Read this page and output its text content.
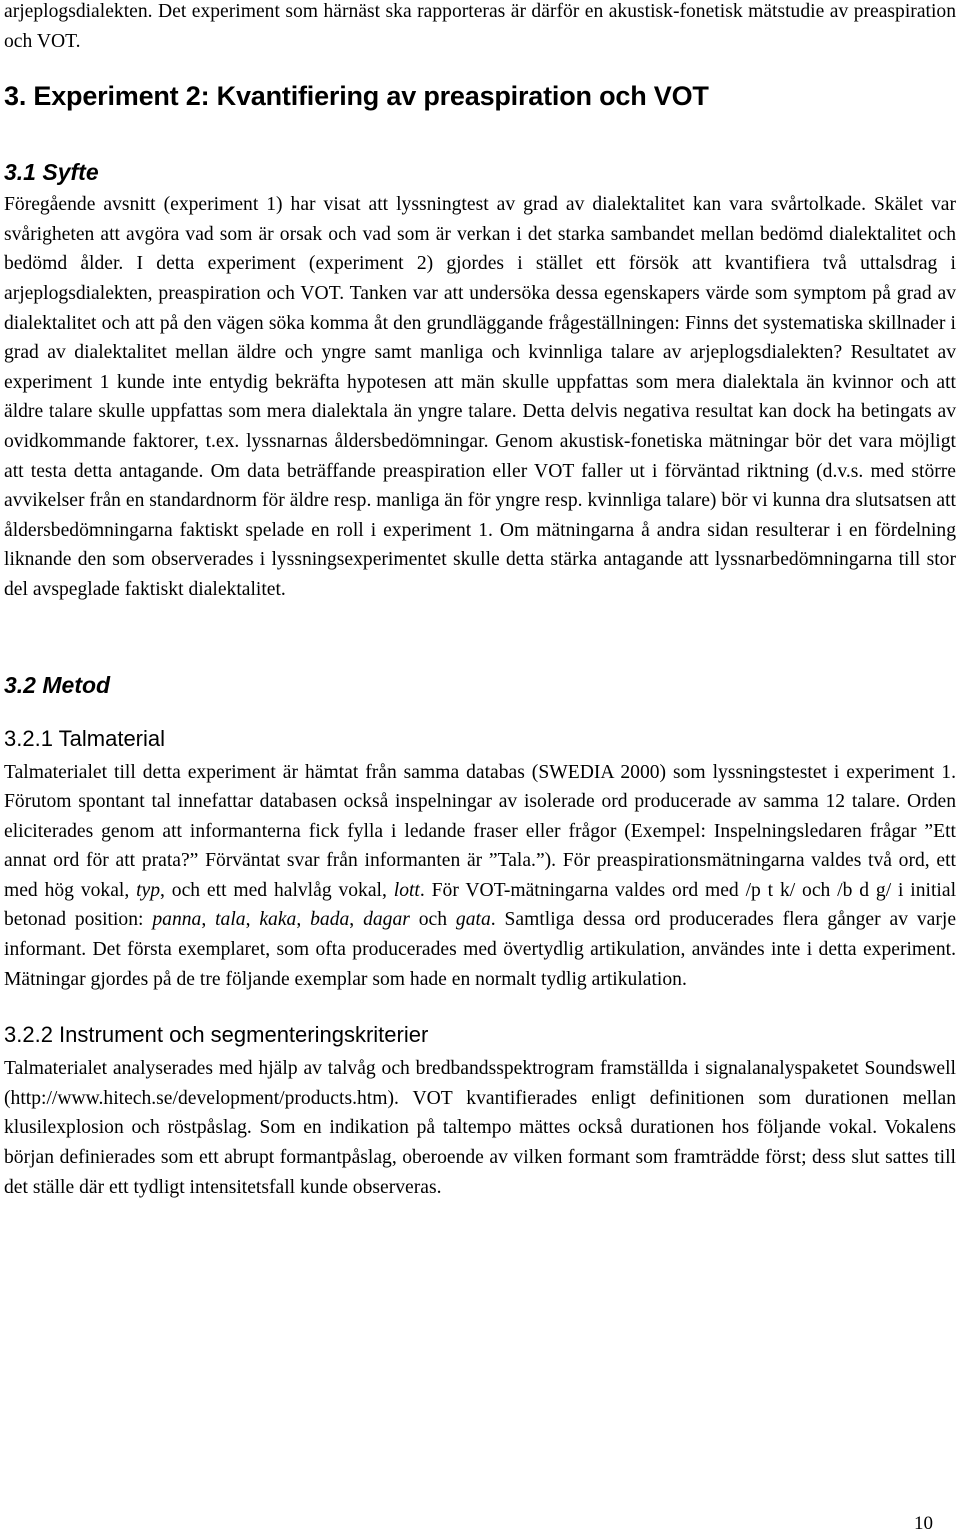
arjeplogsdialekten. Det experiment som härnäst ska rapporteras är därför en akustisk-fonetisk mätstudie av preaspiration och VOT.

3. Experiment 2: Kvantifiering av preaspiration och VOT
3.1 Syfte

Föregående avsnitt (experiment 1) har visat att lyssningtest av grad av dialektalitet kan vara svårtolkade. Skälet var svårigheten att avgöra vad som är orsak och vad som är verkan i det starka sambandet mellan bedömd dialektalitet och bedömd ålder. I detta experiment (experiment 2) gjordes i stället ett försök att kvantifiera två uttalsdrag i arjeplogsdialekten, preaspiration och VOT. Tanken var att undersöka dessa egenskapers värde som symptom på grad av dialektalitet och att på den vägen söka komma åt den grundläggande frågeställningen: Finns det systematiska skillnader i grad av dialektalitet mellan äldre och yngre samt manliga och kvinnliga talare av arjeplogsdialekten? Resultatet av experiment 1 kunde inte entydig bekräfta hypotesen att män skulle uppfattas som mera dialektala än kvinnor och att äldre talare skulle uppfattas som mera dialektala än yngre talare. Detta delvis negativa resultat kan dock ha betingats av ovidkommande faktorer, t.ex. lyssnarnas åldersbedömningar. Genom akustisk-fonetiska mätningar bör det vara möjligt att testa detta antagande. Om data beträffande preaspiration eller VOT faller ut i förväntad riktning (d.v.s. med större avvikelser från en standardnorm för äldre resp. manliga än för yngre resp. kvinnliga talare) bör vi kunna dra slutsatsen att åldersbedömningarna faktiskt spelade en roll i experiment 1. Om mätningarna å andra sidan resulterar i en fördelning liknande den som observerades i lyssningsexperimentet skulle detta stärka antagande att lyssnarbedömningarna till stor del avspeglade faktiskt dialektalitet.

3.2 Metod
3.2.1 Talmaterial

Talmaterialet till detta experiment är hämtat från samma databas (SWEDIA 2000) som lyssningstestet i experiment 1. Förutom spontant tal innefattar databasen också inspelningar av isolerade ord producerade av samma 12 talare. Orden eliciterades genom att informanterna fick fylla i ledande fraser eller frågor (Exempel: Inspelningsledaren frågar ”Ett annat ord för att prata?” Förväntat svar från informanten är ”Tala.”). För preaspirationsmätningarna valdes två ord, ett med hög vokal, typ, och ett med halvlåg vokal, lott. För VOT-mätningarna valdes ord med /p t k/ och /b d g/ i initial betonad position: panna, tala, kaka, bada, dagar och gata. Samtliga dessa ord producerades flera gånger av varje informant. Det första exemplaret, som ofta producerades med övertydlig artikulation, användes inte i detta experiment. Mätningar gjordes på de tre följande exemplar som hade en normalt tydlig artikulation.

3.2.2 Instrument och segmenteringskriterier

Talmaterialet analyserades med hjälp av talvåg och bredbandsspektrogram framställda i signalanalyspaketet Soundswell (http://www.hitech.se/development/products.htm). VOT kvantifierades enligt definitionen som durationen mellan klusilexplosion och röstpåslag. Som en indikation på taltempo mättes också durationen hos följande vokal. Vokalens början definierades som ett abrupt formantpåslag, oberoende av vilken formant som framträdde först; dess slut sattes till det ställe där ett tydligt intensitetsfall kunde observeras.

10
